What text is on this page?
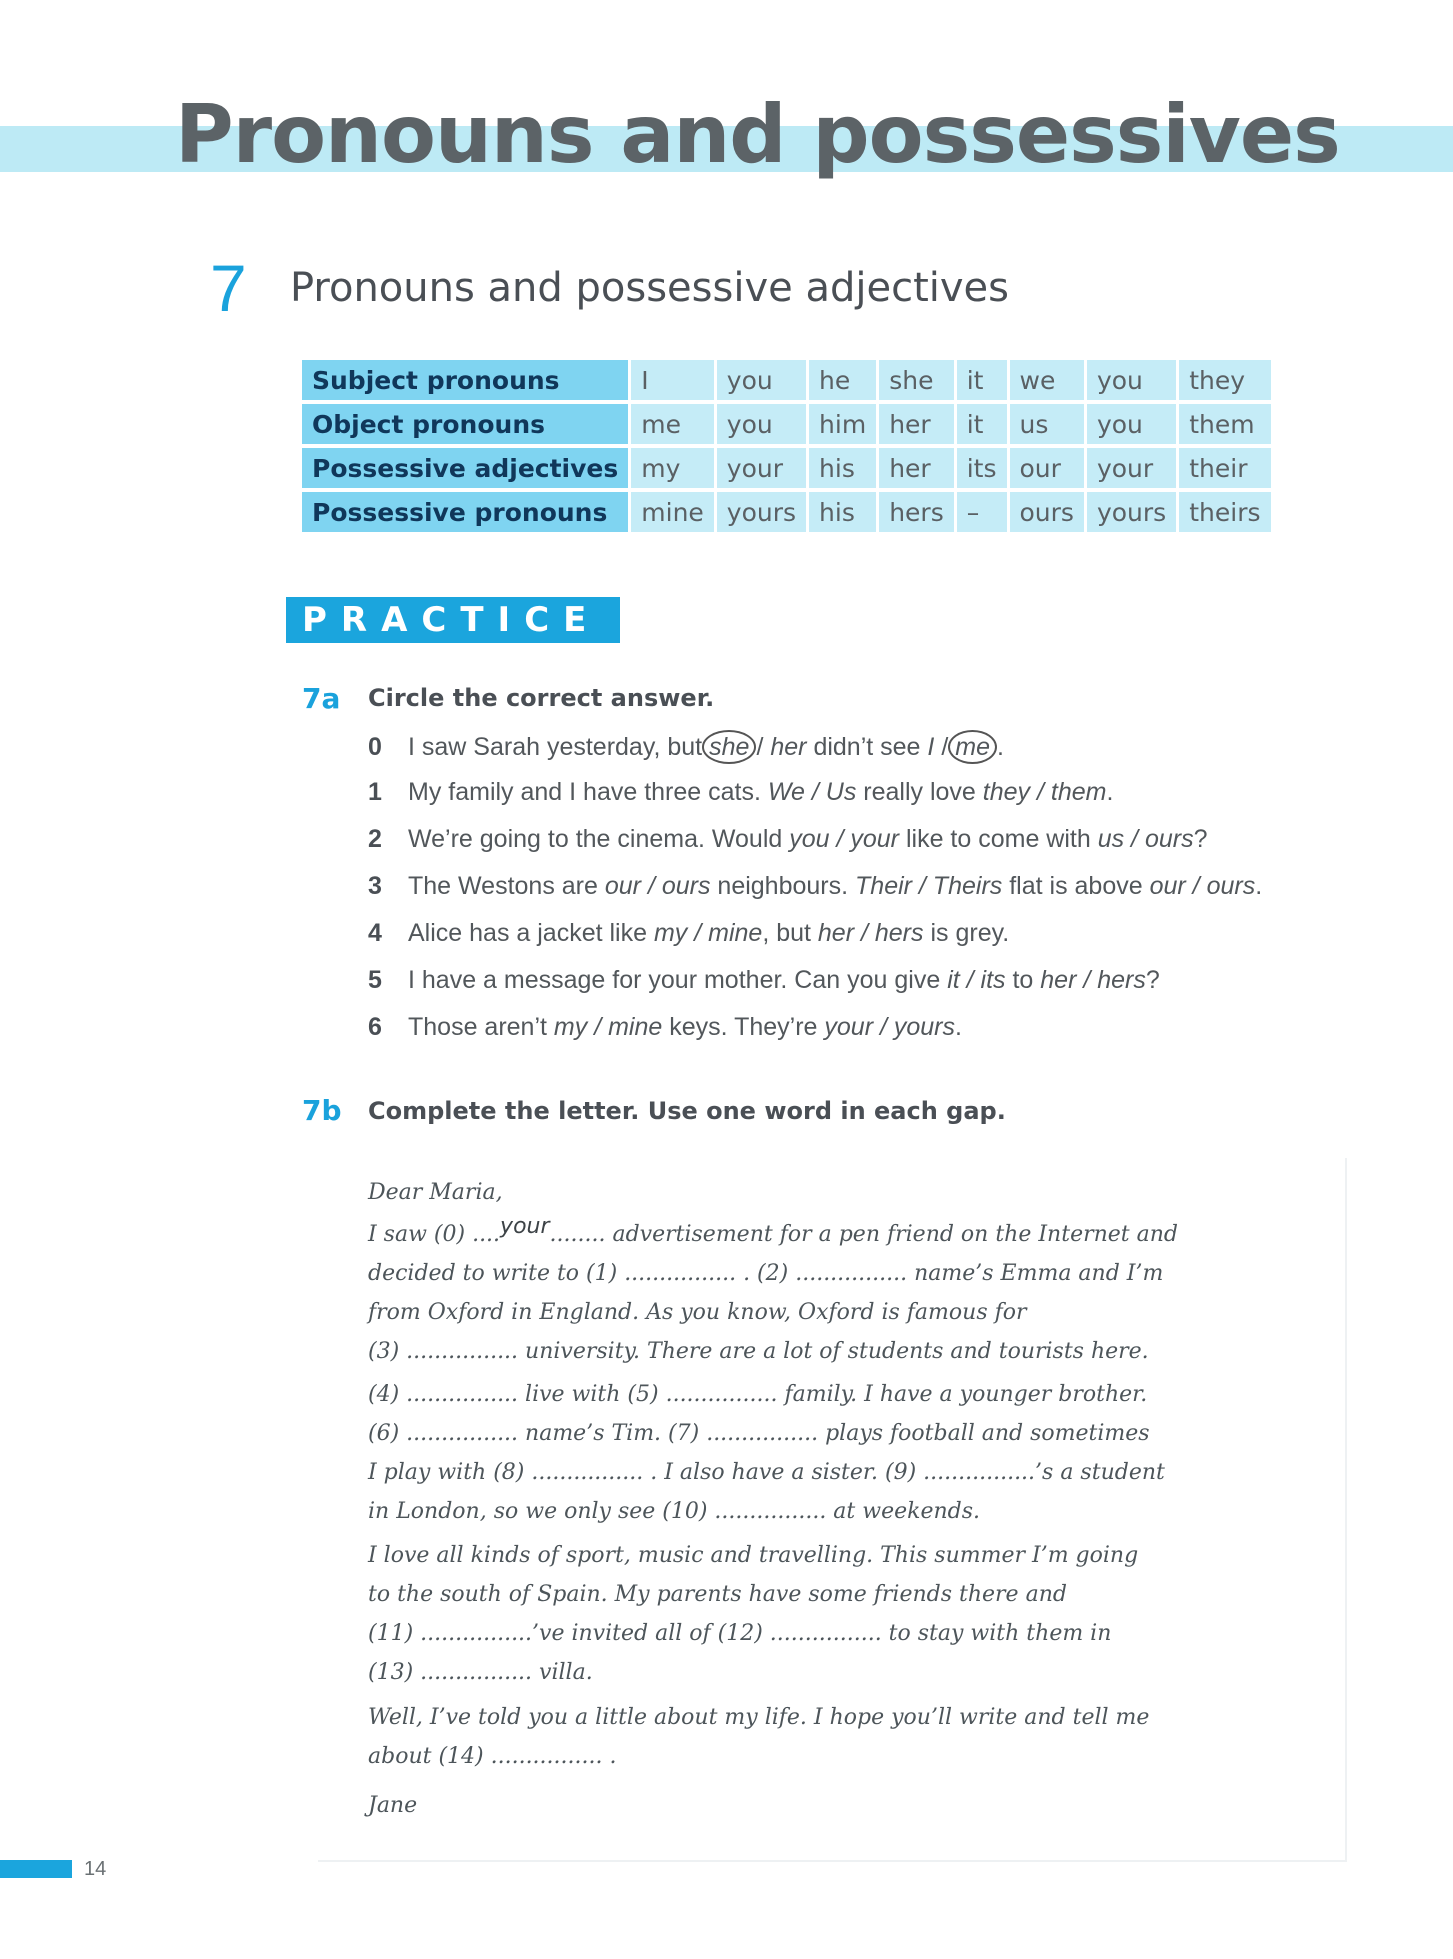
Pronouns and possessives
7 Pronouns and possessive adjectives
Subject pronouns	I	you	he	she	it	we	you	they
Object pronouns	me	you	him	her	it	us	you	them
Possessive adjectives	my	your	his	her	its	our	your	their
Possessive pronouns	mine	yours	his	hers	–	ours	yours	theirs
PRACTICE
7a Circle the correct answer.
0 I saw Sarah yesterday, but she / her didn’t see I / me .
1 My family and I have three cats. We / Us really love they / them.
2 We’re going to the cinema. Would you / your like to come with us / ours?
3 The Westons are our / ours neighbours. Their / Theirs flat is above our / ours.
4 Alice has a jacket like my / mine, but her / hers is grey.
5 I have a message for your mother. Can you give it / its to her / hers?
6 Those aren’t my / mine keys. They’re your / yours.
7b Complete the letter. Use one word in each gap.

Dear Maria,

I saw (0) ....your........ advertisement for a pen friend on the Internet and

decided to write to (1) ................ . (2) ................ name’s Emma and I’m

from Oxford in England. As you know, Oxford is famous for

(3) ................ university. There are a lot of students and tourists here.

(4) ................ live with (5) ................ family. I have a younger brother.

(6) ................ name’s Tim. (7) ................ plays football and sometimes

I play with (8) ................ . I also have a sister. (9) ................’s a student

in London, so we only see (10) ................ at weekends.

I love all kinds of sport, music and travelling. This summer I’m going

to the south of Spain. My parents have some friends there and

(11) ................’ve invited all of (12) ................ to stay with them in

(13) ................ villa.

Well, I’ve told you a little about my life. I hope you’ll write and tell me

about (14) ................ .

Jane

14
